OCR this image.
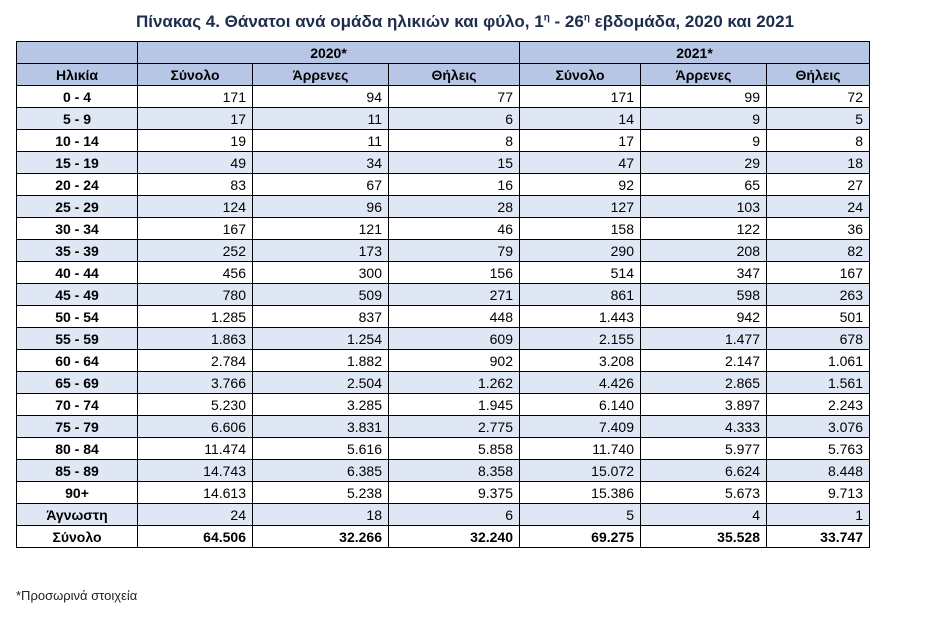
Πίνακας 4. Θάνατοι ανά ομάδα ηλικιών και φύλο, $1^\eta - 26^\eta$ εβδομάδα, 2020 και 2021
	2020*			2021*		
Ηλικία	Σύνολο	Άρρενες	Θήλεις	Σύνολο	Άρρενες	Θήλεις
0 - 4	171	94	77	171	99	72
5 - 9	17	11	6	14	9	5
10 - 14	19	11	8	17	9	8
15 - 19	49	34	15	47	29	18
20 - 24	83	67	16	92	65	27
25 - 29	124	96	28	127	103	24
30 - 34	167	121	46	158	122	36
35 - 39	252	173	79	290	208	82
40 - 44	456	300	156	514	347	167
45 - 49	780	509	271	861	598	263
50 - 54	1.285	837	448	1.443	942	501
55 - 59	1.863	1.254	609	2.155	1.477	678
60 - 64	2.784	1.882	902	3.208	2.147	1.061
65 - 69	3.766	2.504	1.262	4.426	2.865	1.561
70 - 74	5.230	3.285	1.945	6.140	3.897	2.243
75 - 79	6.606	3.831	2.775	7.409	4.333	3.076
80 - 84	11.474	5.616	5.858	11.740	5.977	5.763
85 - 89	14.743	6.385	8.358	15.072	6.624	8.448
90+	14.613	5.238	9.375	15.386	5.673	9.713
Άγνωστη	24	18	6	5	4	1
Σύνολο	64.506	32.266	32.240	69.275	35.528	33.747
*Προσωρινά στοιχεία
